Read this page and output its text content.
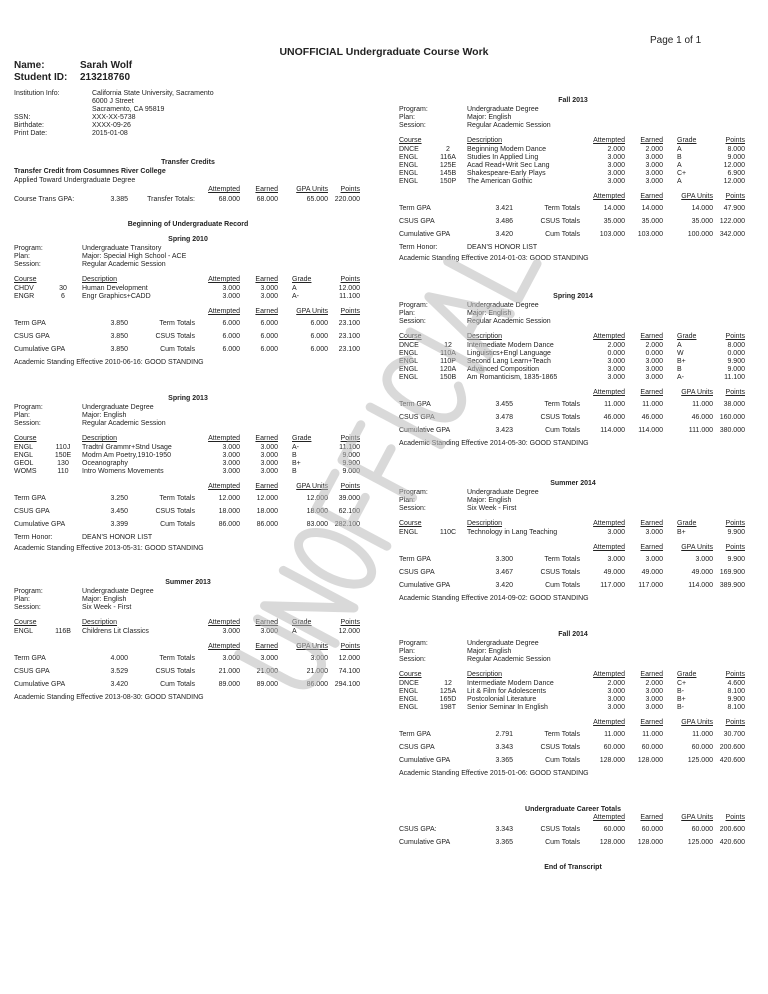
Page 1 of 1
UNOFFICIAL Undergraduate Course Work
Name:	Sarah Wolf
Student ID: 213218760
Institution Info:	California State University, Sacramento
6000 J Street
Sacramento, CA 95819
SSN:	XXX-XX-5738
Birthdate:	XXXX-09-26
Print Date:	2015-01-08
Transfer Credits
Transfer Credit from Cosumnes River College
Applied Toward Undergraduate Degree
Attempted Earned	GPA Units Points
Course Trans GPA:	3.385	Transfer Totals:	68.000 68.000	65.000 220.000
Beginning of Undergraduate Record
Spring 2010
Program:	Undergraduate Transitory
Plan:	Major: Special High School - ACE
Session:	Regular Academic Session
Course	Description	Attempted Earned Grade	Points
CHDV	30	Human Development	3.000	3.000 A	12.000
ENGR	6	Engr Graphics+CADD	3.000	3.000 A-	11.100
Attempted Earned	GPA Units Points
Term GPA	3.850	Term Totals	6.000	6.000	6.000 23.100
CSUS GPA	3.850	CSUS Totals	6.000	6.000	6.000 23.100
Cumulative GPA	3.850	Cum Totals	6.000	6.000	6.000 23.100
Academic Standing Effective 2010-06-16: GOOD STANDING
Spring 2013
Program:	Undergraduate Degree
Plan:	Major: English
Session:	Regular Academic Session
Course	Description	Attempted Earned Grade	Points
ENGL	110J Tradtnl Grammr+Stnd Usage	3.000	3.000 A-	11.100
ENGL	150E Modrn Am Poetry,1910-1950	3.000	3.000 B	9.000
GEOL	130	Oceanography	3.000	3.000 B+	9.900
WOMS	110	Intro Womens Movements	3.000	3.000 B	9.000
Attempted Earned	GPA Units Points
Term GPA	3.250	Term Totals	12.000 12.000	12.000 39.000
CSUS GPA	3.450	CSUS Totals	18.000 18.000	18.000 62.100
Cumulative GPA	3.399	Cum Totals	86.000 86.000	83.000 282.100
Term Honor:	DEAN'S HONOR LIST
Academic Standing Effective 2013-05-31: GOOD STANDING
Summer 2013
Program:	Undergraduate Degree
Plan:	Major: English
Session:	Six Week - First
Course	Description	Attempted Earned Grade	Points
ENGL	116B Childrens Lit Classics	3.000	3.000 A	12.000
Attempted Earned	GPA Units Points
Term GPA	4.000	Term Totals	3.000	3.000	3.000 12.000
CSUS GPA	3.529	CSUS Totals	21.000 21.000	21.000 74.100
Cumulative GPA	3.420	Cum Totals	89.000 89.000	86.000 294.100
Academic Standing Effective 2013-08-30: GOOD STANDING
Fall 2013
Program:	Undergraduate Degree
Plan:	Major: English
Session:	Regular Academic Session
Course	Description	Attempted Earned Grade	Points
DNCE	2	Beginning Modern Dance	2.000	2.000 A	8.000
ENGL	116A Studies In Applied Ling	3.000	3.000 B	9.000
ENGL	125E Acad Read+Writ Sec Lang	3.000	3.000 A	12.000
ENGL	145B Shakespeare-Early Plays	3.000	3.000 C+	6.900
ENGL	150P The American Gothic	3.000	3.000 A	12.000
Attempted Earned	GPA Units Points
Term GPA	3.421	Term Totals	14.000 14.000	14.000 47.900
CSUS GPA	3.486	CSUS Totals	35.000 35.000	35.000 122.000
Cumulative GPA	3.420	Cum Totals	103.000 103.000	100.000 342.000
Term Honor:	DEAN'S HONOR LIST
Academic Standing Effective 2014-01-03: GOOD STANDING
Spring 2014
Program:	Undergraduate Degree
Plan:	Major: English
Session:	Regular Academic Session
Course	Description	Attempted Earned Grade	Points
DNCE	12	Intermediate Modern Dance	2.000	2.000 A	8.000
ENGL	110A Linguistics+Engl Language	0.000	0.000 W	0.000
ENGL	110P Second Lang Learn+Teach	3.000	3.000 B+	9.900
ENGL	120A Advanced Composition	3.000	3.000 B	9.000
ENGL	150B Am Romanticism, 1835-1865	3.000	3.000 A-	11.100
Attempted Earned	GPA Units Points
Term GPA	3.455	Term Totals	11.000 11.000	11.000 38.000
CSUS GPA	3.478	CSUS Totals	46.000 46.000	46.000 160.000
Cumulative GPA	3.423	Cum Totals	114.000 114.000	111.000 380.000
Academic Standing Effective 2014-05-30: GOOD STANDING
Summer 2014
Program:	Undergraduate Degree
Plan:	Major: English
Session:	Six Week - First
Course	Description	Attempted Earned Grade	Points
ENGL	110C Technology in Lang Teaching	3.000	3.000 B+	9.900
Attempted Earned	GPA Units Points
Term GPA	3.300	Term Totals	3.000	3.000	3.000 9.900
CSUS GPA	3.467	CSUS Totals	49.000 49.000	49.000 169.900
Cumulative GPA	3.420	Cum Totals	117.000 117.000	114.000 389.900
Academic Standing Effective 2014-09-02: GOOD STANDING
Fall 2014
Program:	Undergraduate Degree
Plan:	Major: English
Session:	Regular Academic Session
Course	Description	Attempted Earned Grade	Points
DNCE	12	Intermediate Modern Dance	2.000	2.000 C+	4.600
ENGL	125A Lit & Film for Adolescents	3.000	3.000 B-	8.100
ENGL	165D Postcolonial Literature	3.000	3.000 B+	9.900
ENGL	198T Senior Seminar In English	3.000	3.000 B-	8.100
Attempted Earned	GPA Units Points
Term GPA	2.791	Term Totals	11.000 11.000	11.000 30.700
CSUS GPA	3.343	CSUS Totals	60.000 60.000	60.000 200.600
Cumulative GPA	3.365	Cum Totals	128.000 128.000	125.000 420.600
Academic Standing Effective 2015-01-06: GOOD STANDING
Undergraduate Career Totals
Attempted Earned	GPA Units Points
CSUS GPA:	3.343	CSUS Totals	60.000 60.000	60.000 200.600
Cumulative GPA	3.365	Cum Totals	128.000 128.000	125.000 420.600
End of Transcript
